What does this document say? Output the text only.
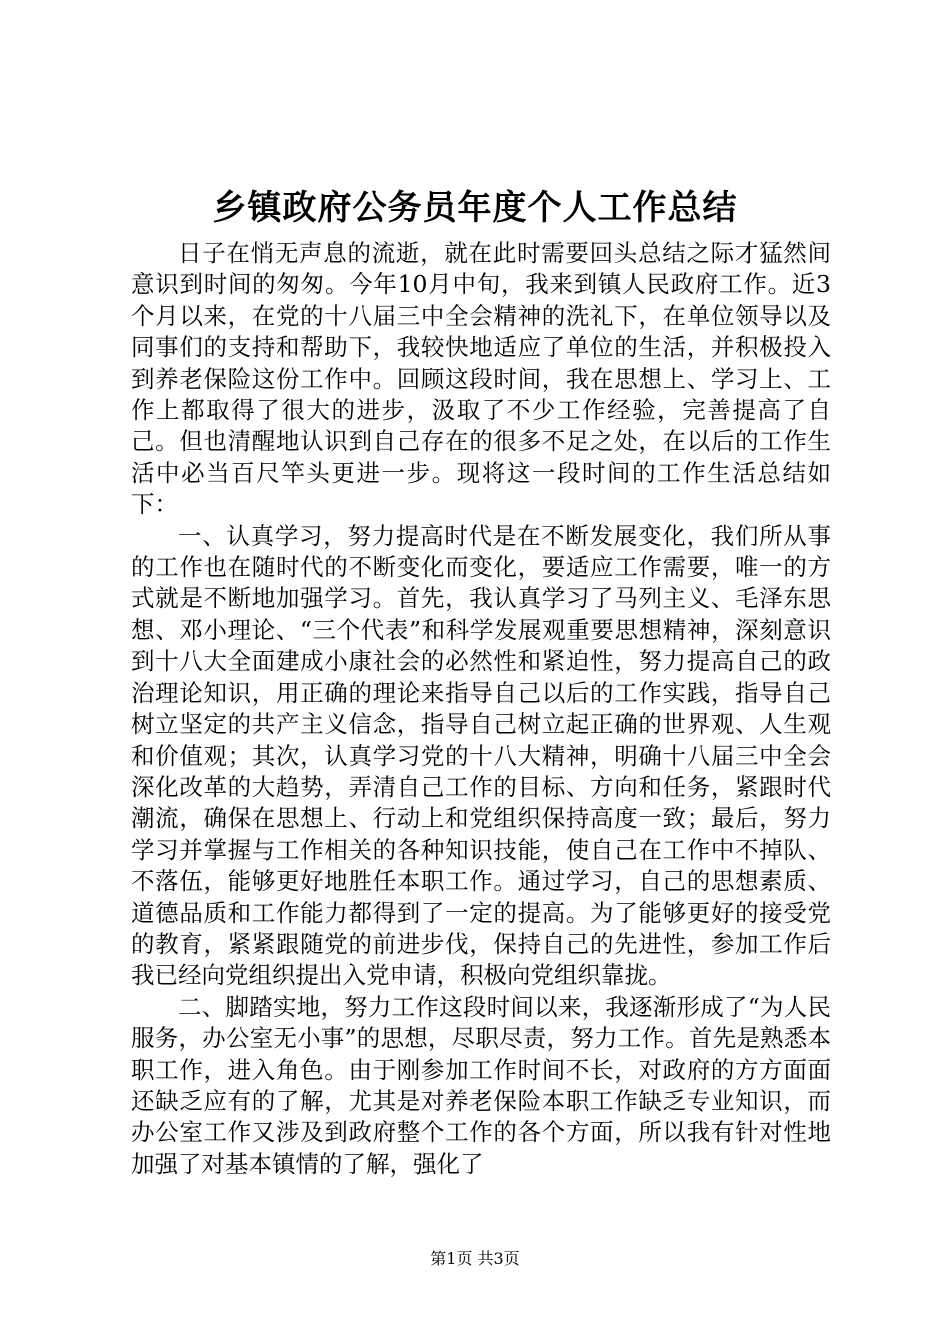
乡镇政府公务员年度个人工作总结

日子在悄无声息的流逝，就在此时需要回头总结之际才猛然间意识到时间的匆匆。今年10月中旬，我来到镇人民政府工作。近3个月以来，在党的十八届三中全会精神的洗礼下，在单位领导以及同事们的支持和帮助下，我较快地适应了单位的生活，并积极投入到养老保险这份工作中。回顾这段时间，我在思想上、学习上、工作上都取得了很大的进步，汲取了不少工作经验，完善提高了自己。但也清醒地认识到自己存在的很多不足之处，在以后的工作生活中必当百尺竿头更进一步。现将这一段时间的工作生活总结如下：

一、认真学习，努力提高时代是在不断发展变化，我们所从事的工作也在随时代的不断变化而变化，要适应工作需要，唯一的方式就是不断地加强学习。首先，我认真学习了马列主义、毛泽东思想、邓小理论、“三个代表”和科学发展观重要思想精神，深刻意识到十八大全面建成小康社会的必然性和紧迫性，努力提高自己的政治理论知识，用正确的理论来指导自己以后的工作实践，指导自己树立坚定的共产主义信念，指导自己树立起正确的世界观、人生观和价值观；其次，认真学习党的十八大精神，明确十八届三中全会深化改革的大趋势，弄清自己工作的目标、方向和任务，紧跟时代潮流，确保在思想上、行动上和党组织保持高度一致；最后，努力学习并掌握与工作相关的各种知识技能，使自己在工作中不掉队、不落伍，能够更好地胜任本职工作。通过学习，自己的思想素质、道德品质和工作能力都得到了一定的提高。为了能够更好的接受党的教育，紧紧跟随党的前进步伐，保持自己的先进性，参加工作后我已经向党组织提出入党申请，积极向党组织靠拢。

二、脚踏实地，努力工作这段时间以来，我逐渐形成了“为人民服务，办公室无小事”的思想，尽职尽责，努力工作。首先是熟悉本职工作，进入角色。由于刚参加工作时间不长，对政府的方方面面还缺乏应有的了解，尤其是对养老保险本职工作缺乏专业知识，而办公室工作又涉及到政府整个工作的各个方面，所以我有针对性地加强了对基本镇情的了解，强化了

第1页 共3页
